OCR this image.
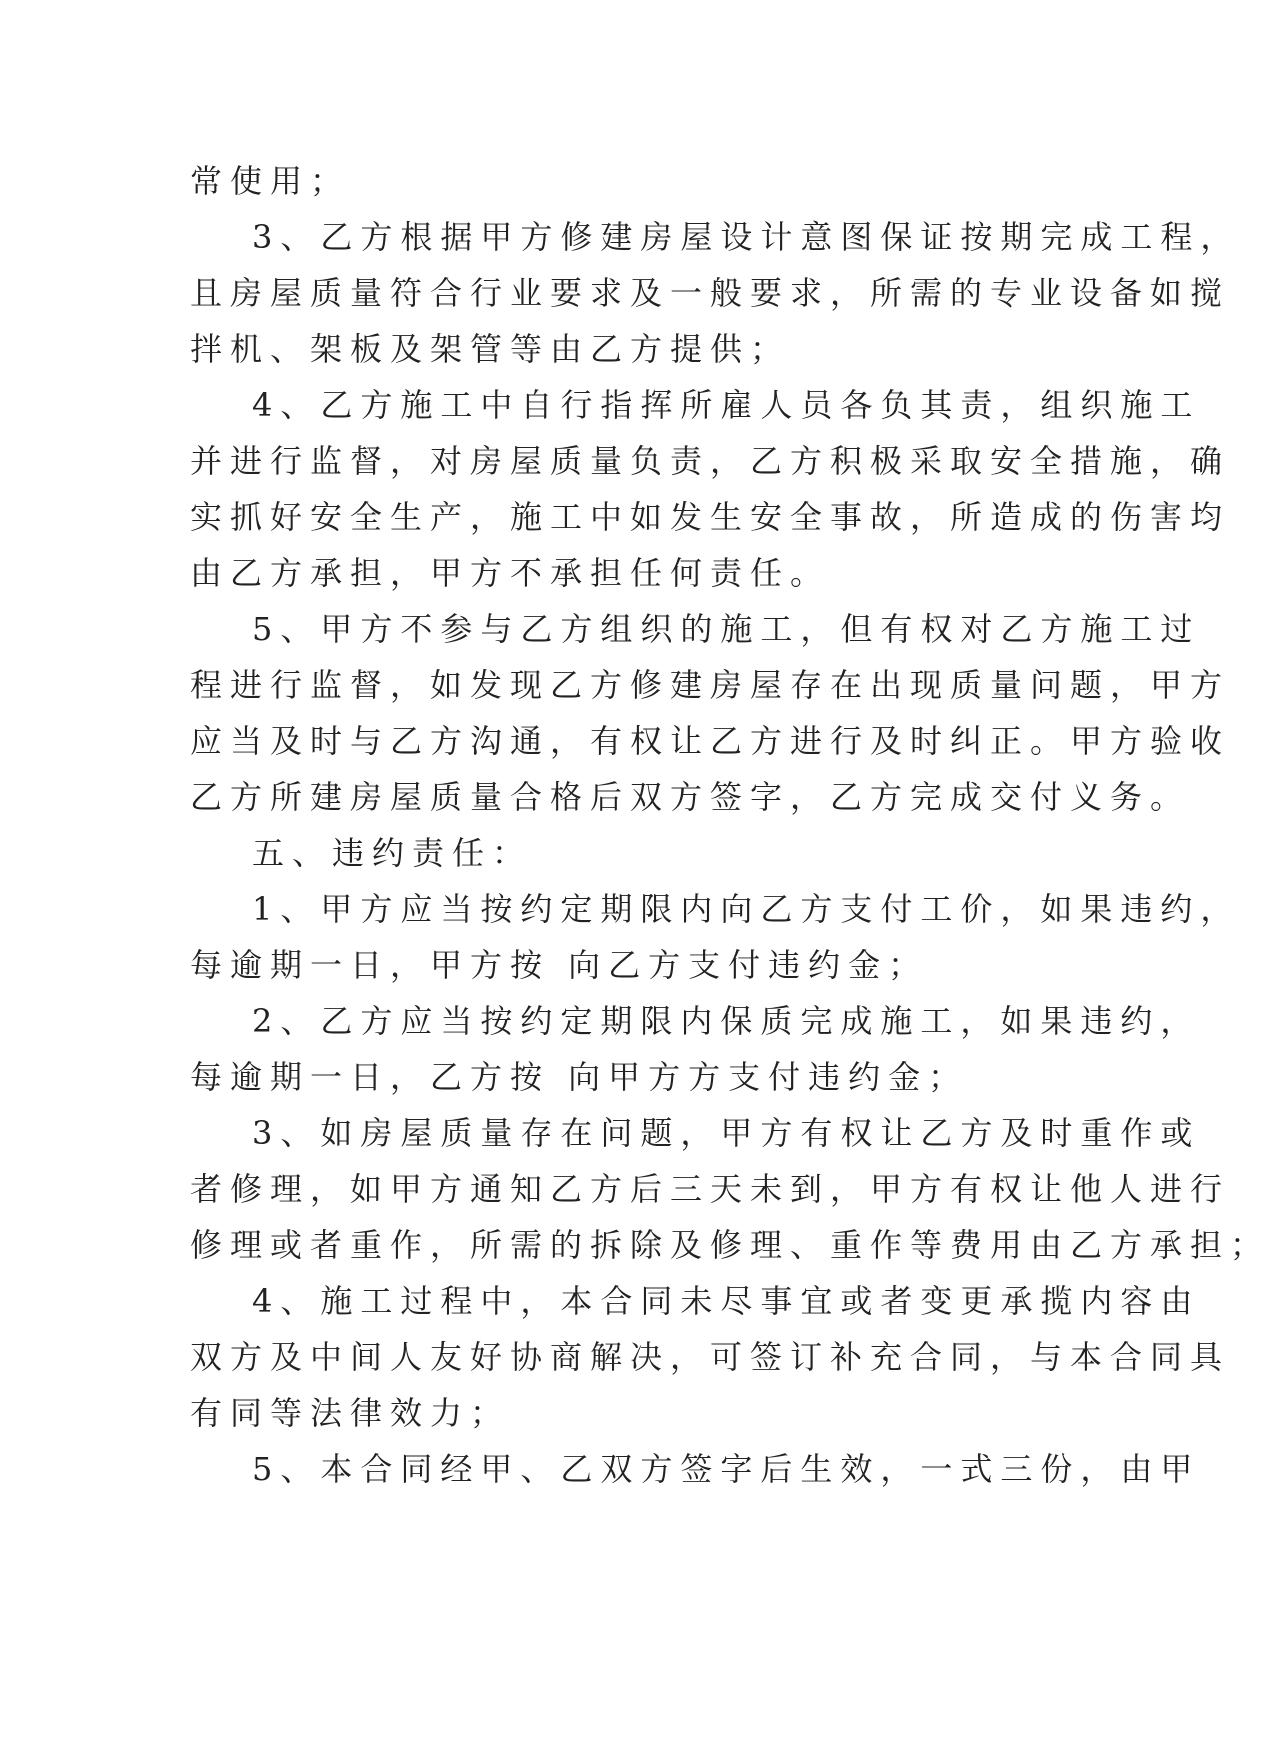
常使用；
3、乙方根据甲方修建房屋设计意图保证按期完成工程，
且房屋质量符合行业要求及一般要求，所需的专业设备如搅
拌机、架板及架管等由乙方提供；
4、乙方施工中自行指挥所雇人员各负其责，组织施工
并进行监督，对房屋质量负责，乙方积极采取安全措施，确
实抓好安全生产，施工中如发生安全事故，所造成的伤害均
由乙方承担，甲方不承担任何责任。
5、甲方不参与乙方组织的施工，但有权对乙方施工过
程进行监督，如发现乙方修建房屋存在出现质量问题，甲方
应当及时与乙方沟通，有权让乙方进行及时纠正。甲方验收
乙方所建房屋质量合格后双方签字，乙方完成交付义务。
五、违约责任：
1、甲方应当按约定期限内向乙方支付工价，如果违约，
每逾期一日，甲方按 向乙方支付违约金；
2、乙方应当按约定期限内保质完成施工，如果违约，
每逾期一日，乙方按 向甲方方支付违约金；
3、如房屋质量存在问题，甲方有权让乙方及时重作或
者修理，如甲方通知乙方后三天未到，甲方有权让他人进行
修理或者重作，所需的拆除及修理、重作等费用由乙方承担；
4、施工过程中，本合同未尽事宜或者变更承揽内容由
双方及中间人友好协商解决，可签订补充合同，与本合同具
有同等法律效力；
5、本合同经甲、乙双方签字后生效，一式三份，由甲
